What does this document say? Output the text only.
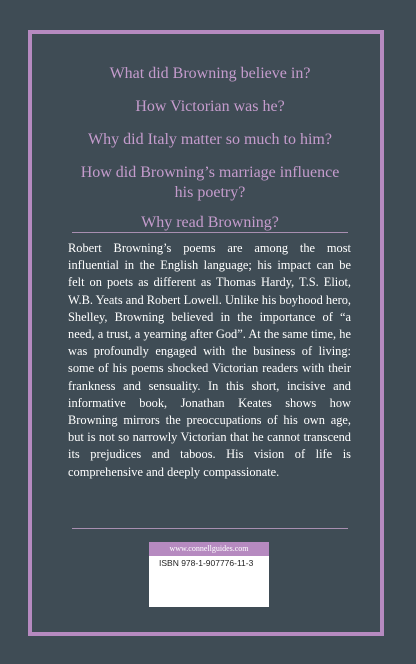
What did Browning believe in?
How Victorian was he?
Why did Italy matter so much to him?
How did Browning’s marriage influence his poetry?
Why read Browning?

Robert Browning’s poems are among the most influential in the English language; his impact can be felt on poets as different as Thomas Hardy, T.S. Eliot, W.B. Yeats and Robert Lowell. Unlike his boyhood hero, Shelley, Browning believed in the importance of “a need, a trust, a yearning after God”. At the same time, he was profoundly engaged with the business of living: some of his poems shocked Victorian readers with their frankness and sensuality. In this short, incisive and informative book, Jonathan Keates shows how Browning mirrors the preoccupations of his own age, but is not so narrowly Victorian that he cannot transcend its prejudices and taboos. His vision of life is comprehensive and deeply compassionate.

www.connellguides.com
ISBN 978-1-907776-11-3
